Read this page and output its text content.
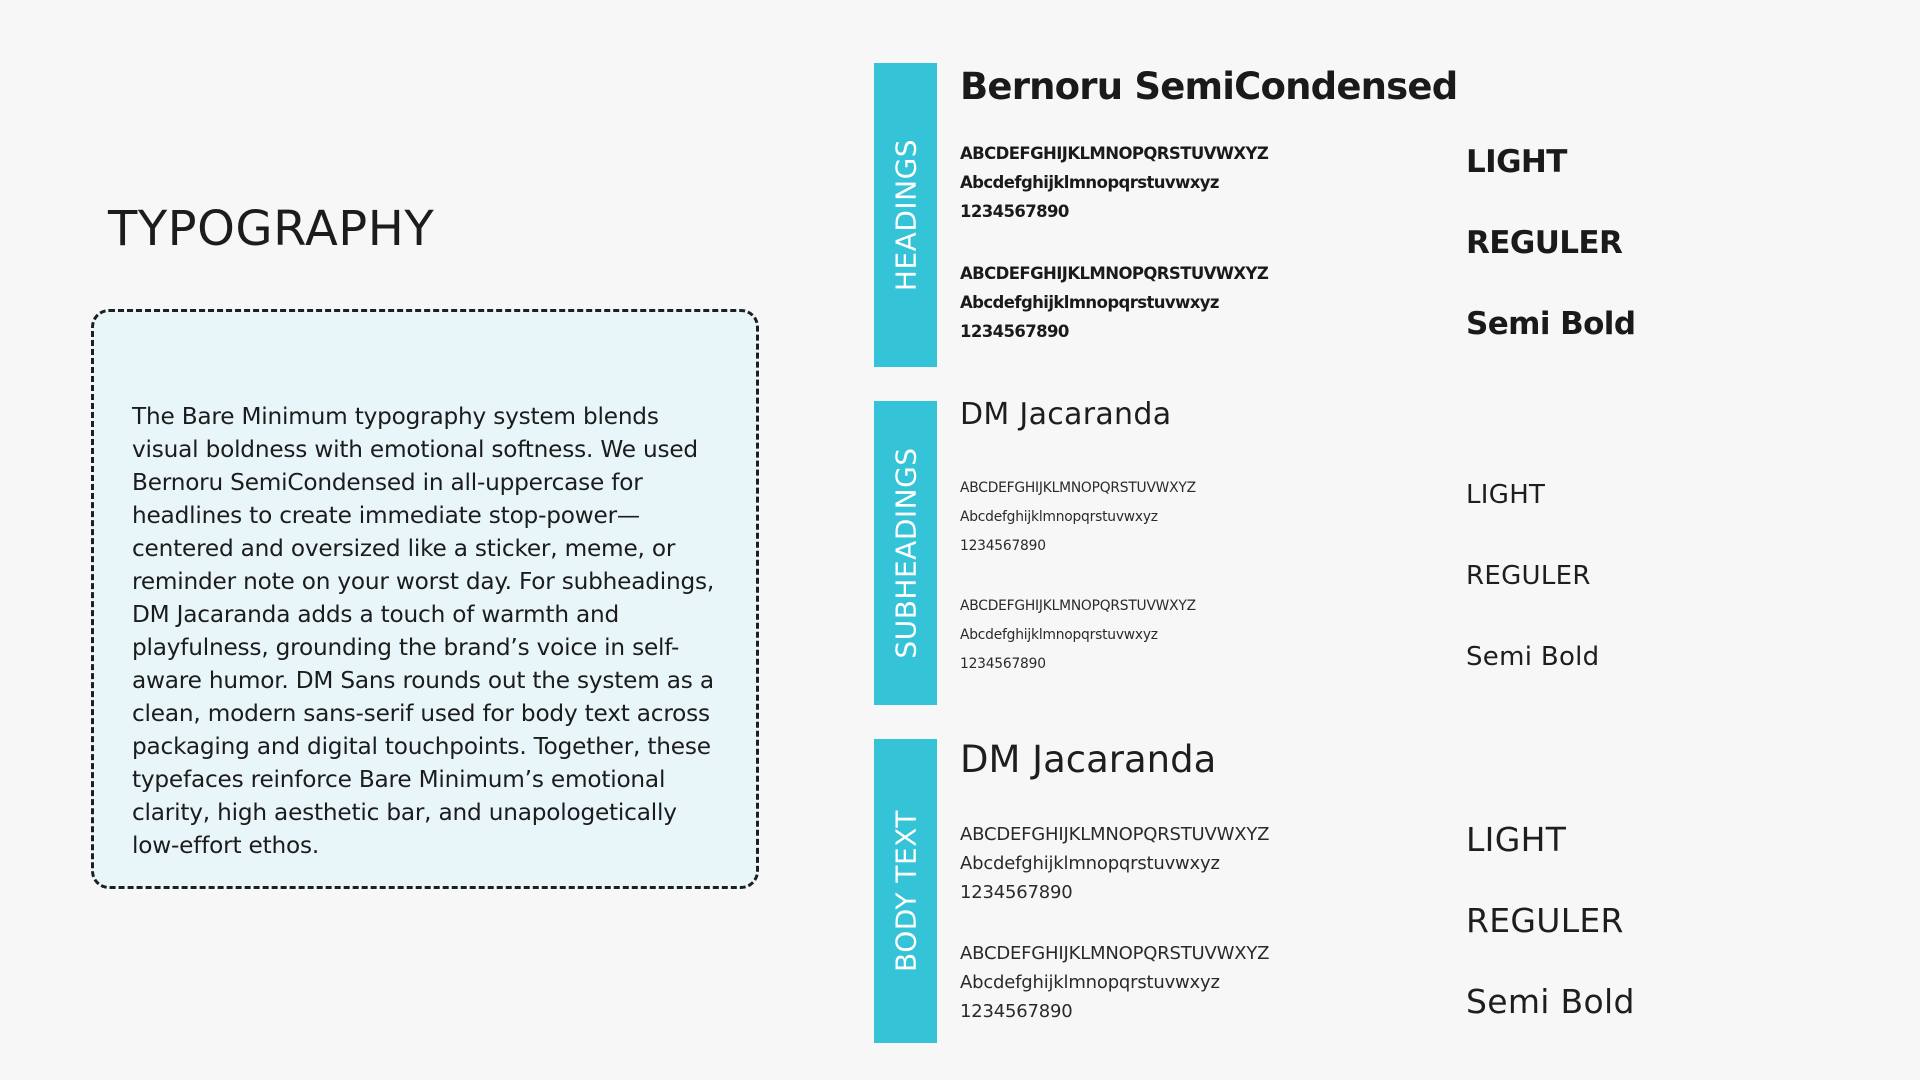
TYPOGRAPHY

The Bare Minimum typography system blends visual boldness with emotional softness. We used Bernoru SemiCondensed in all-uppercase for headlines to create immediate stop-power—centered and oversized like a sticker, meme, or reminder note on your worst day. For subheadings, DM Jacaranda adds a touch of warmth and playfulness, grounding the brand’s voice in self-aware humor. DM Sans rounds out the system as a clean, modern sans-serif used for body text across packaging and digital touchpoints. Together, these typefaces reinforce Bare Minimum’s emotional clarity, high aesthetic bar, and unapologetically low-effort ethos.

HEADINGS
Bernoru SemiCondensed
ABCDEFGHIJKLMNOPQRSTUVWXYZ
Abcdefghijklmnopqrstuvwxyz
1234567890
ABCDEFGHIJKLMNOPQRSTUVWXYZ
Abcdefghijklmnopqrstuvwxyz
1234567890
LIGHT
REGULER
Semi Bold
SUBHEADINGS
DM Jacaranda
ABCDEFGHIJKLMNOPQRSTUVWXYZ
Abcdefghijklmnopqrstuvwxyz
1234567890
ABCDEFGHIJKLMNOPQRSTUVWXYZ
Abcdefghijklmnopqrstuvwxyz
1234567890
LIGHT
REGULER
Semi Bold
BODY TEXT
DM Jacaranda
ABCDEFGHIJKLMNOPQRSTUVWXYZ
Abcdefghijklmnopqrstuvwxyz
1234567890
ABCDEFGHIJKLMNOPQRSTUVWXYZ
Abcdefghijklmnopqrstuvwxyz
1234567890
LIGHT
REGULER
Semi Bold
